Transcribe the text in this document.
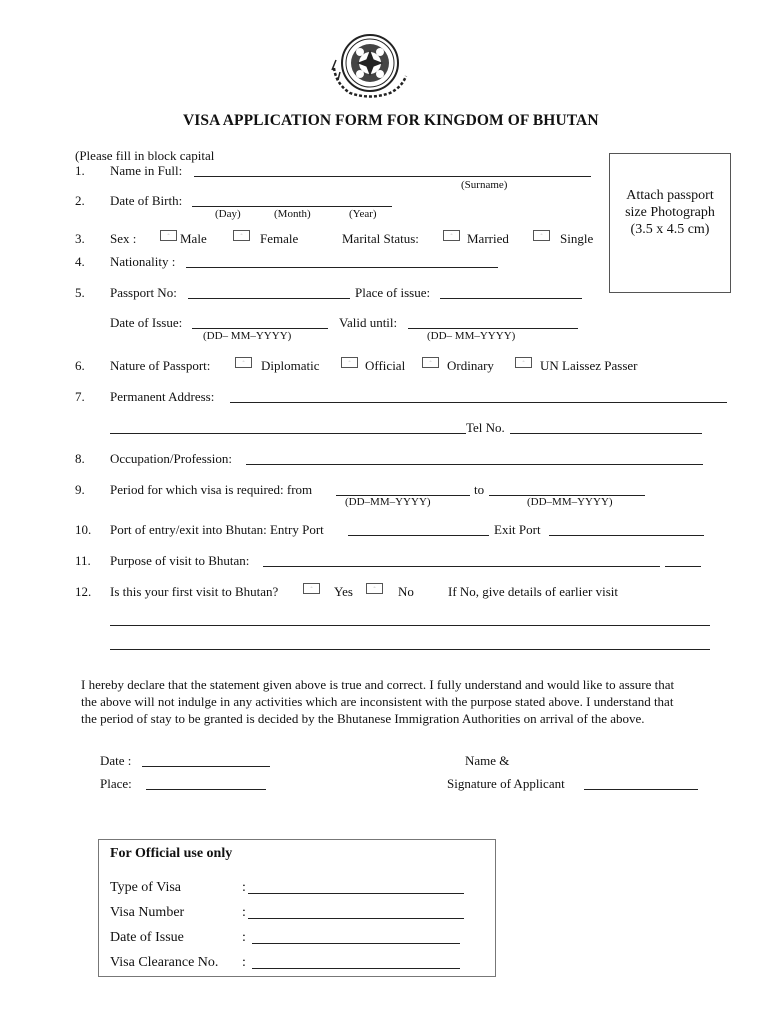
VISA APPLICATION FORM FOR KINGDOM OF BHUTAN
(Please fill in block capital
Attach passport
size Photograph
(3.5 x 4.5 cm)
1. Name in Full:
(Surname)
2. Date of Birth:
(Day)	(Month)	(Year)
3. Sex :	▫ Male	▫	Female	Marital Status:	▫	Married	▫	Single
4. Nationality :
5. Passport No:	Place of issue:
Date of Issue:	Valid until:
(DD– MM–YYYY)	(DD– MM–YYYY)
6. Nature of Passport:	▫	Diplomatic	▫	Official	▫	Ordinary	▫	UN Laissez Passer
7. Permanent Address:
Tel No.
8. Occupation/Profession:
9. Period for which visa is required: from	to
(DD–MM–YYYY)	(DD–MM–YYYY)
10. Port of entry/exit into Bhutan: Entry Port	Exit Port
11. Purpose of visit to Bhutan:
12. Is this your first visit to Bhutan?	▫	Yes	▫	No	If No, give details of earlier visit

I hereby declare that the statement given above is true and correct. I fully understand and would like to assure that

the above will not indulge in any activities which are inconsistent with the purpose stated above. I understand that

the period of stay to be granted is decided by the Bhutanese Immigration Authorities on arrival of the above.

Date :	Name &
Place:	Signature of Applicant
For Official use only
Type of Visa	:
Visa Number	:
Date of Issue	:
Visa Clearance No. :
